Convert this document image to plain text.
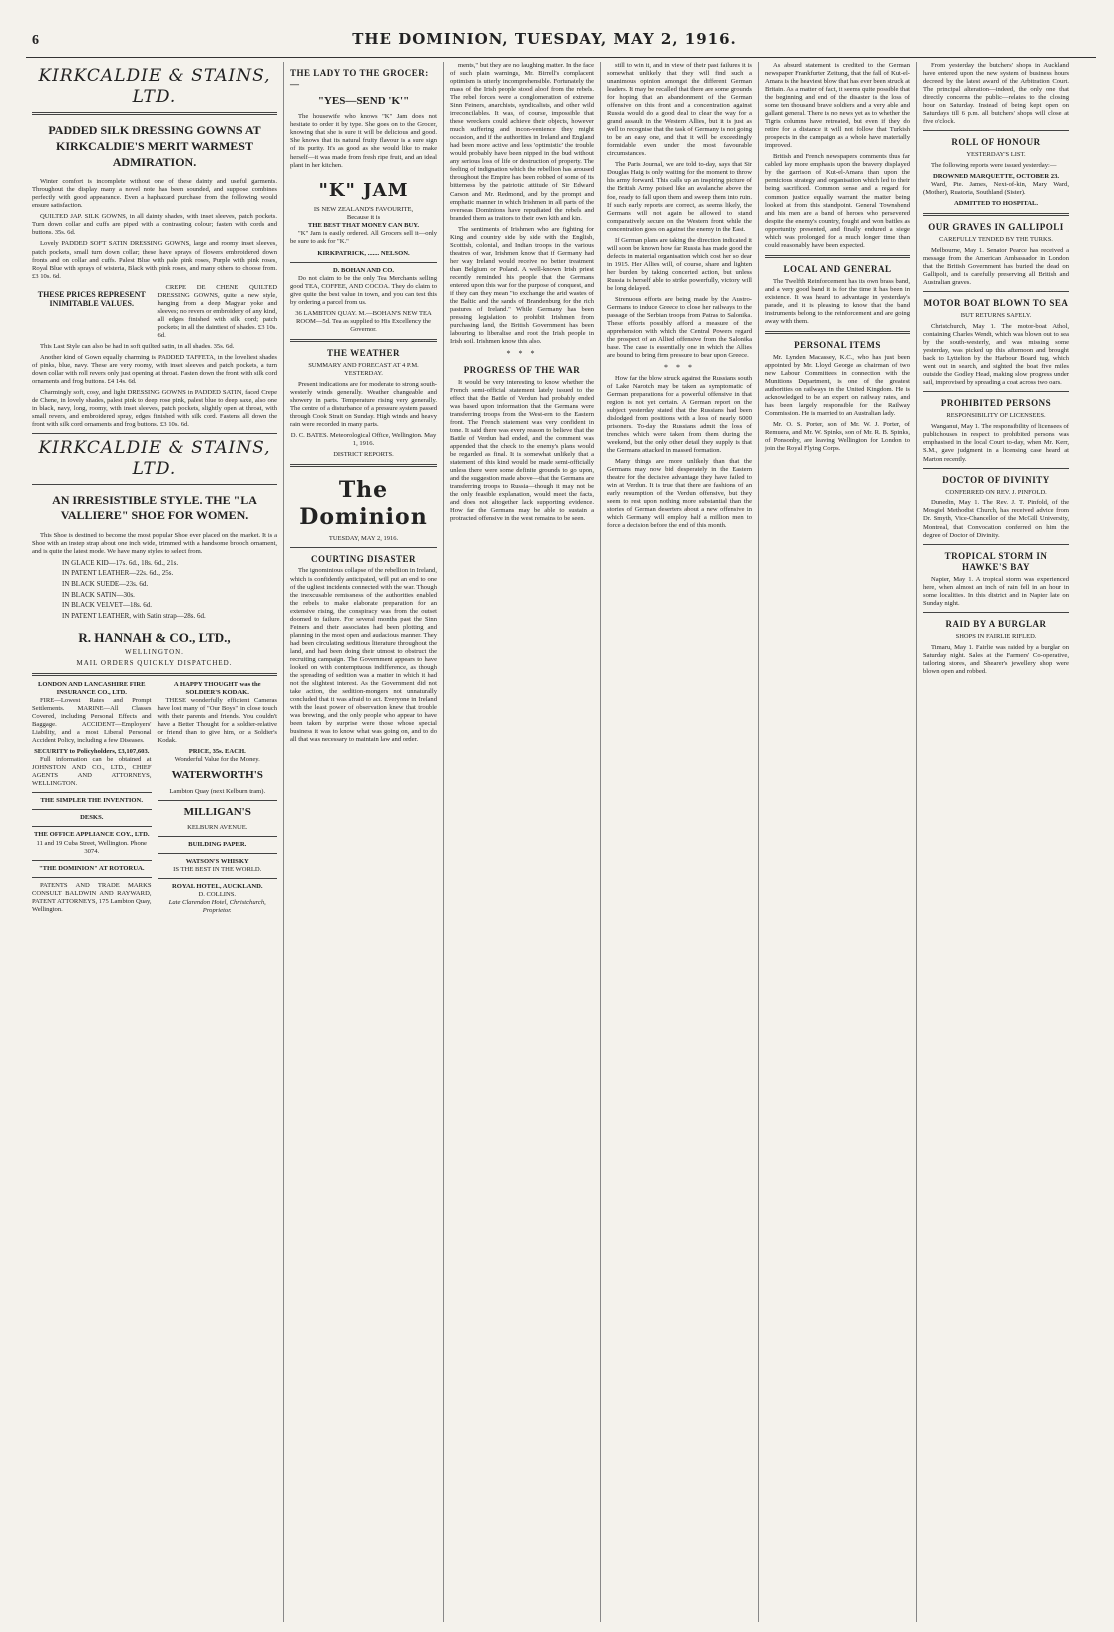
6	THE DOMINION, TUESDAY, MAY 2, 1916.
KIRKCALDIE & STAINS, LTD.
PADDED SILK DRESSING GOWNS AT KIRKCALDIE'S MERIT WARMEST ADMIRATION.

Winter comfort is incomplete without one of these dainty and useful garments. Throughout the display many a novel note has been sounded, and suppose combines perfectly with good appearance. Even a haphazard purchase from the following would ensure satisfaction.

QUILTED JAP. SILK GOWNS, in all dainty shades, with inset sleeves, patch pockets. Turn down collar and cuffs are piped with a contrasting colour; fasten with cords and buttons. 35s. 6d.

Lovely PADDED SOFT SATIN DRESSING GOWNS, large and roomy inset sleeves, patch pockets, small turn down collar; these have sprays of flowers embroidered down fronts and on collar and cuffs. Palest Blue with pale pink roses, Purple with pink roses, Royal Blue with sprays of wisteria, Black with pink roses, and many others to choose from. £3 10s. 6d.

THESE PRICES REPRESENT INIMITABLE VALUES.

CREPE DE CHENE QUILTED DRESSING GOWNS, quite a new style, hanging from a deep Magyar yoke and sleeves; no revers or embroidery of any kind, all edges finished with silk cord; patch pockets; in all the daintiest of shades. £3 10s. 6d.

This Last Style can also be had in soft quilted satin, in all shades. 35s. 6d.

Another kind of Gown equally charming is PADDED TAFFETA, in the loveliest shades of pinks, blue, navy. These are very roomy, with inset sleeves and patch pockets, a turn down collar with roll revers only just opening at throat. Fasten down the front with silk cord ornaments and frog buttons. £4 14s. 6d.

Charmingly soft, cosy, and light DRESSING GOWNS in PADDED SATIN, faced Crepe de Chene, in lovely shades, palest pink to deep rose pink, palest blue to deep saxe, also one in black, navy, long, roomy, with inset sleeves, patch pockets, slightly open at throat, with small revers, and embroidered spray, edges finished with silk cord. Fastens all down the front with silk cord ornaments and frog buttons. £3 10s. 6d.

KIRKCALDIE & STAINS, LTD.
AN IRRESISTIBLE STYLE. THE "LA VALLIERE" SHOE FOR WOMEN.

This Shoe is destined to become the most popular Shoe ever placed on the market. It is a Shoe with an instep strap about one inch wide, trimmed with a handsome brooch ornament, and is quite the latest mode. We have many styles to select from.

IN GLACE KID—17s. 6d., 18s. 6d., 21s.
IN PATENT LEATHER—22s. 6d., 25s.
IN BLACK SUEDE—23s. 6d.
IN BLACK SATIN—30s.
IN BLACK VELVET—18s. 6d.
IN PATENT LEATHER, with Satin strap—28s. 6d.
R. HANNAH & CO., LTD.,
WELLINGTON.
MAIL ORDERS QUICKLY DISPATCHED.
LONDON AND LANCASHIRE FIRE INSURANCE CO., LTD.

FIRE—Lowest Rates and Prompt Settlements. MARINE—All Classes Covered, including Personal Effects and Baggage. ACCIDENT—Employers' Liability, and a most Liberal Personal Accident Policy, including a few Diseases.

SECURITY to Policyholders, £3,107,603.

Full information can be obtained at JOHNSTON AND CO., LTD., CHIEF AGENTS AND ATTORNEYS, WELLINGTON.

THE SIMPLER THE INVENTION.
DESKS.
THE OFFICE APPLIANCE COY., LTD.
11 and 19 Cuba Street, Wellington. Phone 3074.
"THE DOMINION" AT ROTORUA.

PATENTS AND TRADE MARKS CONSULT BALDWIN AND RAYWARD, PATENT ATTORNEYS, 175 Lambton Quay, Wellington.

A HAPPY THOUGHT was the SOLDIER'S KODAK.

THESE wonderfully efficient Cameras have lost many of "Our Boys" in close touch with their parents and friends. You couldn't have a Better Thought for a soldier-relative or friend than to give him, or a Soldier's Kodak.

PRICE, 35s. EACH.
Wonderful Value for the Money.
WATERWORTH'S
Lambton Quay (next Kelburn tram).
MILLIGAN'S
KELBURN AVENUE.
BUILDING PAPER.
WATSON'S WHISKY
IS THE BEST IN THE WORLD.
ROYAL HOTEL, AUCKLAND.
D. COLLINS.
Late Clarendon Hotel, Christchurch, Proprietor.
THE LADY TO THE GROCER:—
"YES—SEND 'K'"

The housewife who knows "K" Jam does not hesitate to order it by type. She goes on to the Grocer, knowing that she is sure it will be delicious and good. She knows that its natural fruity flavour is a sure sign of its purity. It's as good as she would like to make herself—it was made from fresh ripe fruit, and an ideal plant in her kitchen.

"K" JAM
IS NEW ZEALAND'S FAVOURITE,
Because it is
THE BEST THAT MONEY CAN BUY.

"K" Jam is easily ordered. All Grocers sell it—only be sure to ask for "K."

KIRKPATRICK, ....... NELSON.
D. BOHAN AND CO.

Do not claim to be the only Tea Merchants selling good TEA, COFFEE, AND COCOA. They do claim to give quite the best value in town, and you can test this by ordering a parcel from us.

36 LAMBTON QUAY. M.—BOHAN'S NEW TEA ROOM—5d. Tea as supplied to His Excellency the Governor.
THE WEATHER
SUMMARY AND FORECAST AT 4 P.M. YESTERDAY.

Present indications are for moderate to strong south-westerly winds generally. Weather changeable and showery in parts. Temperature rising very generally. The centre of a disturbance of a pressure system passed through Cook Strait on Sunday. High winds and heavy rain were recorded in many parts.

D. C. BATES. Meteorological Office, Wellington. May 1, 1916.
DISTRICT REPORTS.
The Dominion
TUESDAY, MAY 2, 1916.
COURTING DISASTER

The ignominious collapse of the rebellion in Ireland, which is confidently anticipated, will put an end to one of the ugliest incidents connected with the war. Though the inexcusable remissness of the authorities enabled the rebels to make elaborate preparation for an extensive rising, the conspiracy was from the outset doomed to failure. For several months past the Sinn Feiners and their associates had been plotting and planning in the most open and audacious manner. They had been circulating seditious literature throughout the land, and had been doing their utmost to obstruct the recruiting campaign. The Government appears to have looked on with contemptuous indifference, as though the spreading of sedition was a matter in which it had not the slightest interest. As the Government did not take action, the sedition-mongers not unnaturally concluded that it was afraid to act. Everyone in Ireland with the least power of observation knew that trouble was brewing, and the only people who appear to have been taken by surprise were those whose special business it was to know what was going on, and to do all that was necessary to maintain law and order.

ments," but they are no laughing matter. In the face of such plain warnings, Mr. Birrell's complacent optimism is utterly incomprehensible. Fortunately the mass of the Irish people stood aloof from the rebels. The rebel forces were a conglomeration of extreme Sinn Feiners, anarchists, syndicalists, and other wild irreconcilables. It was, of course, impossible that these wreckers could achieve their objects, however much suffering and incon-venience they might occasion, and if the authorities in Ireland and England had been more active and less 'optimistic' the trouble would probably have been nipped in the bud without any serious loss of life or destruction of property. The feeling of indignation which the rebellion has aroused throughout the Empire has been robbed of some of its bitterness by the patriotic attitude of Sir Edward Carson and Mr. Redmond, and by the prompt and emphatic manner in which Irishmen in all parts of the overseas Dominions have repudiated the rebels and branded them as traitors to their own kith and kin.

The sentiments of Irishmen who are fighting for King and country side by side with the English, Scottish, colonial, and Indian troops in the various theatres of war, Irishmen know that if Germany had her way Ireland would receive no better treatment than Belgium or Poland. A well-known Irish priest recently reminded his people that the Germans entered upon this war for the purpose of conquest, and if they can they mean "to exchange the arid wastes of the Baltic and the sands of Brandenburg for the rich pastures of Ireland." While Germany has been pressing legislation to prohibit Irishmen from purchasing land, the British Government has been labouring to liberalise and root the Irish people in Irish soil. Irishmen know this also.

* * *
PROGRESS OF THE WAR

It would be very interesting to know whether the French semi-official statement lately issued to the effect that the Battle of Verdun had probably ended was based upon information that the Germans were transferring troops from the West-ern to the Eastern front. The French statement was very confident in tone. It said there was every reason to believe that the Battle of Verdun had ended, and the comment was appended that the check to the enemy's plans would be regarded as final. It is somewhat unlikely that a statement of this kind would be made semi-officially unless there were some definite grounds to go upon, and the suggestion made above—that the Germans are transferring troops to Russia—though it may not be the only feasible explanation, would meet the facts, and does not altogether lack supporting evidence. How far the Germans may be able to sustain a protracted offensive in the west remains to be seen.

still to win it, and in view of their past failures it is somewhat unlikely that they will find such a unanimous opinion amongst the different German leaders. It may be recalled that there are some grounds for hoping that an abandonment of the German offensive on this front and a concentration against Russia would do a good deal to clear the way for a grand assault in the Western Allies, but it is just as well to recognise that the task of Germany is not going to be an easy one, and that it will be exceedingly formidable even under the most favourable circumstances.

The Paris Journal, we are told to-day, says that Sir Douglas Haig is only waiting for the moment to throw his army forward. This calls up an inspiring picture of the British Army poised like an avalanche above the foe, ready to fall upon them and sweep them into ruin. If such early reports are correct, as seems likely, the Germans will not again be allowed to stand comparatively secure on the Western front while the concentration goes on against the enemy in the East.

If German plans are taking the direction indicated it will soon be known how far Russia has made good the defects in material organisation which cost her so dear in 1915. Her Allies will, of course, share and lighten her burden by taking concerted action, but unless Russia is herself able to strike powerfully, victory will be long delayed.

Strenuous efforts are being made by the Austro-Germans to induce Greece to close her railways to the passage of the Serbian troops from Patras to Salonika. These efforts possibly afford a measure of the apprehension with which the Central Powers regard the prospect of an Allied offensive from the Salonika base. The case is essentially one in which the Allies are bound to bring firm pressure to bear upon Greece.

* * *

How far the blow struck against the Russians south of Lake Narotch may be taken as symptomatic of German preparations for a powerful offensive in that region is not yet certain. A German report on the subject yesterday stated that the Russians had been dislodged from positions with a loss of nearly 6000 prisoners. To-day the Russians admit the loss of trenches which were taken from them during the weekend, but the only other detail they supply is that the Germans attacked in massed formation.

Many things are more unlikely than that the Germans may now bid desperately in the Eastern theatre for the decisive advantage they have failed to win at Verdun. It is true that there are fashions of an early resumption of the Verdun offensive, but they seem to rest upon nothing more substantial than the stories of German deserters about a new offensive in which Germany will employ half a million men to force a decision before the end of this month.

As absurd statement is credited to the German newspaper Frankfurter Zeitung, that the fall of Kut-el-Amara is the heaviest blow that has ever been struck at Britain. As a matter of fact, it seems quite possible that the beginning and end of the disaster is the loss of some ten thousand brave soldiers and a very able and gallant general. There is no news yet as to whether the Tigris columns have retreated, but even if they do retire for a distance it will not follow that Turkish prospects in the campaign as a whole have materially improved.

British and French newspapers comments thus far cabled lay more emphasis upon the bravery displayed by the garrison of Kut-el-Amara than upon the pernicious strategy and organisation which led to their being sacrificed. Common sense and a regard for common justice equally warrant the matter being looked at from this standpoint. General Townshend and his men are a band of heroes who persevered despite the enemy's country, fought and won battles as opportunity presented, and finally endured a siege which was prolonged for a much longer time than could reasonably have been expected.

LOCAL AND GENERAL

The Twelfth Reinforcement has its own brass band, and a very good band it is for the time it has been in existence. It was heard to advantage in yesterday's parade, and it is pleasing to know that the band instruments belong to the reinforcement and are going away with them.

PERSONAL ITEMS

Mr. Lynden Macassey, K.C., who has just been appointed by Mr. Lloyd George as chairman of two new Labour Committees in connection with the Munitions Department, is one of the greatest authorities on railways in the United Kingdom. He is acknowledged to be an expert on railway rates, and has been largely responsible for the Railway Commission. He is married to an Australian lady.

Mr. O. S. Porter, son of Mr. W. J. Porter, of Remuera, and Mr. W. Spinks, son of Mr. R. B. Spinks, of Ponsonby, are leaving Wellington for London to join the Royal Flying Corps.

From yesterday the butchers' shops in Auckland have entered upon the new system of business hours decreed by the latest award of the Arbitration Court. The principal alteration—indeed, the only one that directly concerns the public—relates to the closing hour on Saturday. Instead of being kept open on Saturdays till 6 p.m. all butchers' shops will close at five o'clock.

ROLL OF HONOUR
YESTERDAY'S LIST.

The following reports were issued yesterday:—

DROWNED MARQUETTE, OCTOBER 23.

Ward, Pte. James, Next-of-kin, Mary Ward, (Mother), Ruatoria, Southland (Sister).

ADMITTED TO HOSPITAL.
OUR GRAVES IN GALLIPOLI
CAREFULLY TENDED BY THE TURKS.

Melbourne, May 1. Senator Pearce has received a message from the American Ambassador in London that the British Government has buried the dead on Gallipoli, and is carefully preserving all British and Australian graves.

MOTOR BOAT BLOWN TO SEA
BUT RETURNS SAFELY.

Christchurch, May 1. The motor-boat Athol, containing Charles Wendt, which was blown out to sea by the south-westerly, and was missing some yesterday, was picked up this afternoon and brought back to Lyttelton by the Harbour Board tug, which went out in search, and sighted the boat five miles outside the Godley Head, making slow progress under sail, improvised by spreading a coat across two oars.

PROHIBITED PERSONS
RESPONSIBILITY OF LICENSEES.

Wanganui, May 1. The responsibility of licensees of publichouses in respect to prohibited persons was emphasised in the local Court to-day, when Mr. Kerr, S.M., gave judgment in a licensing case heard at Marton recently.

DOCTOR OF DIVINITY
CONFERRED ON REV. J. PINFOLD.

Dunedin, May 1. The Rev. J. T. Pinfold, of the Mosgiel Methodist Church, has received advice from Dr. Smyth, Vice-Chancellor of the McGill University, Montreal, that Convocation conferred on him the degree of Doctor of Divinity.

TROPICAL STORM IN HAWKE'S BAY

Napier, May 1. A tropical storm was experienced here, when almost an inch of rain fell in an hour in some localities. In this district and in Napier late on Sunday night.

RAID BY A BURGLAR
SHOPS IN FAIRLIE RIFLED.

Timaru, May 1. Fairlie was raided by a burglar on Saturday night. Sales at the Farmers' Co-operative, tailoring stores, and Shearer's jewellery shop were blown open and robbed.
